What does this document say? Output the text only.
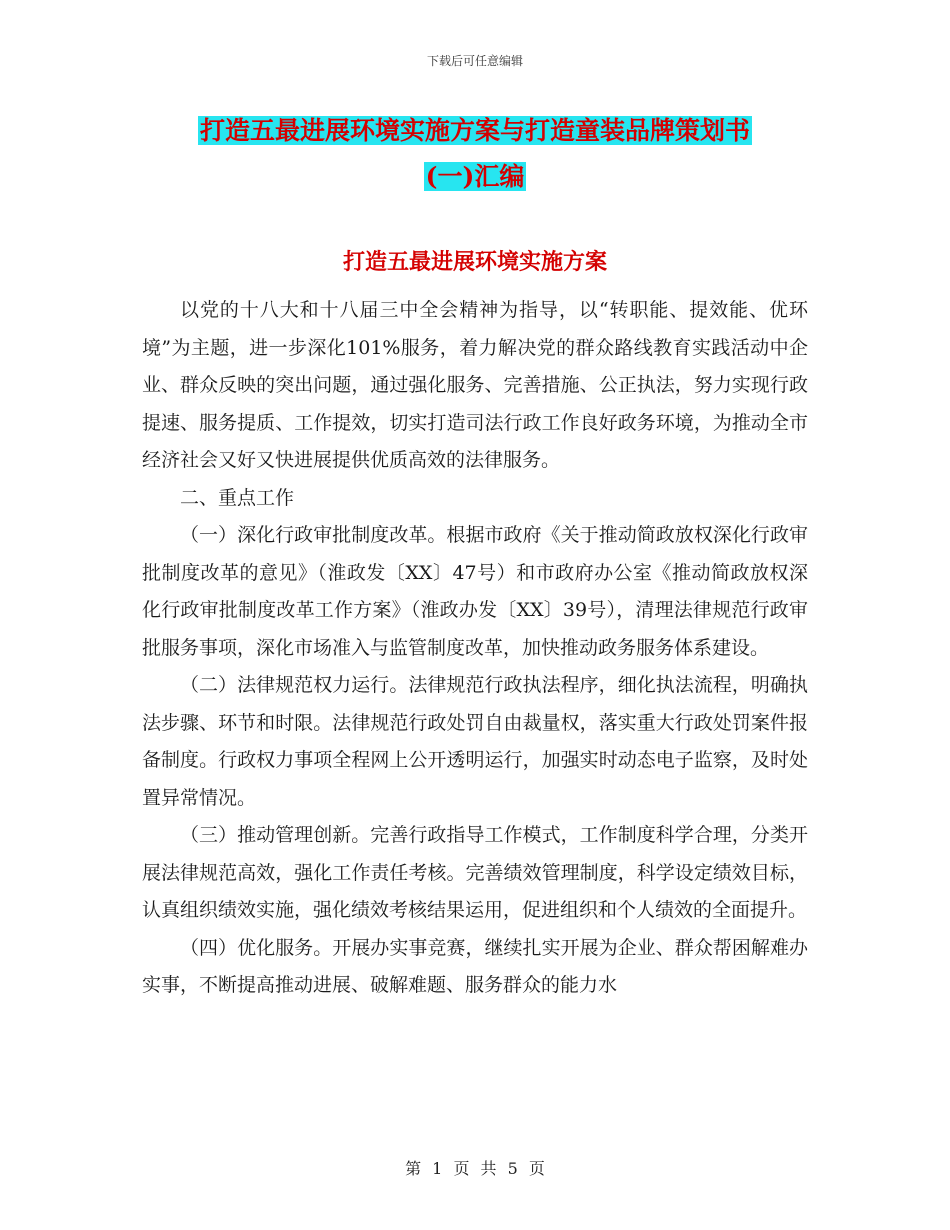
下载后可任意编辑
打造五最进展环境实施方案与打造童装品牌策划书
(一)汇编
打造五最进展环境实施方案

以党的十八大和十八届三中全会精神为指导，以“转职能、提效能、优环境”为主题，进一步深化101%服务，着力解决党的群众路线教育实践活动中企业、群众反映的突出问题，通过强化服务、完善措施、公正执法，努力实现行政提速、服务提质、工作提效，切实打造司法行政工作良好政务环境，为推动全市经济社会又好又快进展提供优质高效的法律服务。

二、重点工作

（一）深化行政审批制度改革。根据市政府《关于推动简政放权深化行政审批制度改革的意见》（淮政发〔XX〕47号）和市政府办公室《推动简政放权深化行政审批制度改革工作方案》（淮政办发〔XX〕39号），清理法律规范行政审批服务事项，深化市场准入与监管制度改革，加快推动政务服务体系建设。

（二）法律规范权力运行。法律规范行政执法程序，细化执法流程，明确执法步骤、环节和时限。法律规范行政处罚自由裁量权，落实重大行政处罚案件报备制度。行政权力事项全程网上公开透明运行，加强实时动态电子监察，及时处置异常情况。

（三）推动管理创新。完善行政指导工作模式，工作制度科学合理，分类开展法律规范高效，强化工作责任考核。完善绩效管理制度，科学设定绩效目标，认真组织绩效实施，强化绩效考核结果运用，促进组织和个人绩效的全面提升。

（四）优化服务。开展办实事竞赛，继续扎实开展为企业、群众帮困解难办实事，不断提高推动进展、破解难题、服务群众的能力水

第 1 页 共 5 页
